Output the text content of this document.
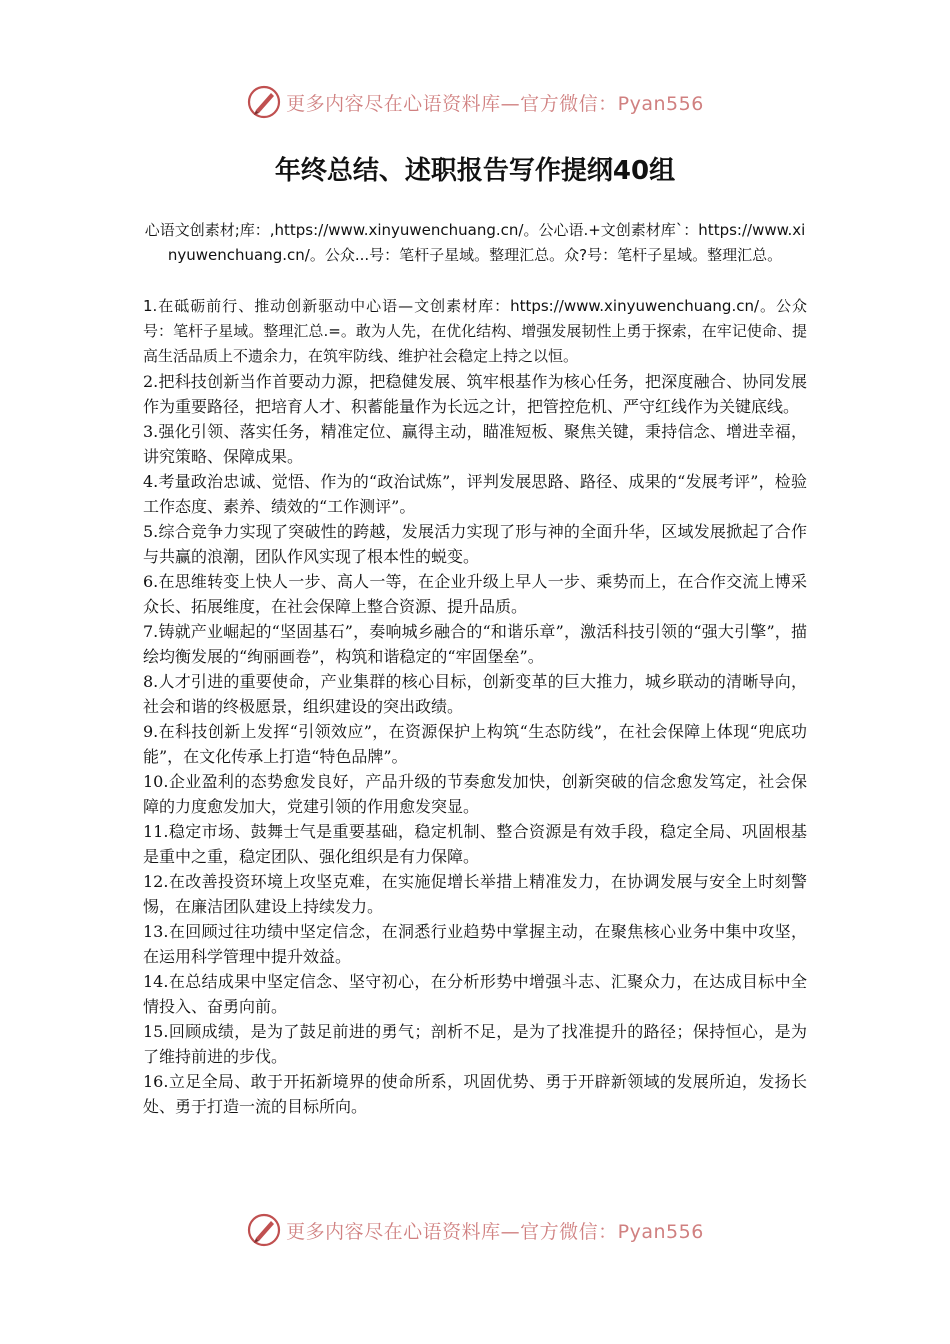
更多内容尽在心语资料库—官方微信：Pyan556
年终总结、述职报告写作提纲40组

心语文创素材;库：,https://www.xinyuwenchuang.cn/。公心语.+文创素材库`：https://www.xinyuwenchuang.cn/。公众...号：笔杆子星域。整理汇总。众?号：笔杆子星域。整理汇总。

1.在砥砺前行、推动创新驱动中心语—文创素材库：https://www.xinyuwenchuang.cn/。公众号：笔杆子星域。整理汇总.=。敢为人先，在优化结构、增强发展韧性上勇于探索，在牢记使命、提高生活品质上不遗余力，在筑牢防线、维护社会稳定上持之以恒。
2.把科技创新当作首要动力源，把稳健发展、筑牢根基作为核心任务，把深度融合、协同发展作为重要路径，把培育人才、积蓄能量作为长远之计，把管控危机、严守红线作为关键底线。
3.强化引领、落实任务，精准定位、赢得主动，瞄准短板、聚焦关键，秉持信念、增进幸福，讲究策略、保障成果。
4.考量政治忠诚、觉悟、作为的“政治试炼”，评判发展思路、路径、成果的“发展考评”，检验工作态度、素养、绩效的“工作测评”。
5.综合竞争力实现了突破性的跨越，发展活力实现了形与神的全面升华，区域发展掀起了合作与共赢的浪潮，团队作风实现了根本性的蜕变。
6.在思维转变上快人一步、高人一等，在企业升级上早人一步、乘势而上，在合作交流上博采众长、拓展维度，在社会保障上整合资源、提升品质。
7.铸就产业崛起的“坚固基石”，奏响城乡融合的“和谐乐章”，激活科技引领的“强大引擎”，描绘均衡发展的“绚丽画卷”，构筑和谐稳定的“牢固堡垒”。
8.人才引进的重要使命，产业集群的核心目标，创新变革的巨大推力，城乡联动的清晰导向，社会和谐的终极愿景，组织建设的突出政绩。
9.在科技创新上发挥“引领效应”，在资源保护上构筑“生态防线”，在社会保障上体现“兜底功能”，在文化传承上打造“特色品牌”。
10.企业盈利的态势愈发良好，产品升级的节奏愈发加快，创新突破的信念愈发笃定，社会保障的力度愈发加大，党建引领的作用愈发突显。
11.稳定市场、鼓舞士气是重要基础，稳定机制、整合资源是有效手段，稳定全局、巩固根基是重中之重，稳定团队、强化组织是有力保障。
12.在改善投资环境上攻坚克难，在实施促增长举措上精准发力，在协调发展与安全上时刻警惕，在廉洁团队建设上持续发力。
13.在回顾过往功绩中坚定信念，在洞悉行业趋势中掌握主动，在聚焦核心业务中集中攻坚，在运用科学管理中提升效益。
14.在总结成果中坚定信念、坚守初心，在分析形势中增强斗志、汇聚众力，在达成目标中全情投入、奋勇向前。
15.回顾成绩，是为了鼓足前进的勇气；剖析不足，是为了找准提升的路径；保持恒心，是为了维持前进的步伐。
16.立足全局、敢于开拓新境界的使命所系，巩固优势、勇于开辟新领域的发展所迫，发扬长处、勇于打造一流的目标所向。
更多内容尽在心语资料库—官方微信：Pyan556
